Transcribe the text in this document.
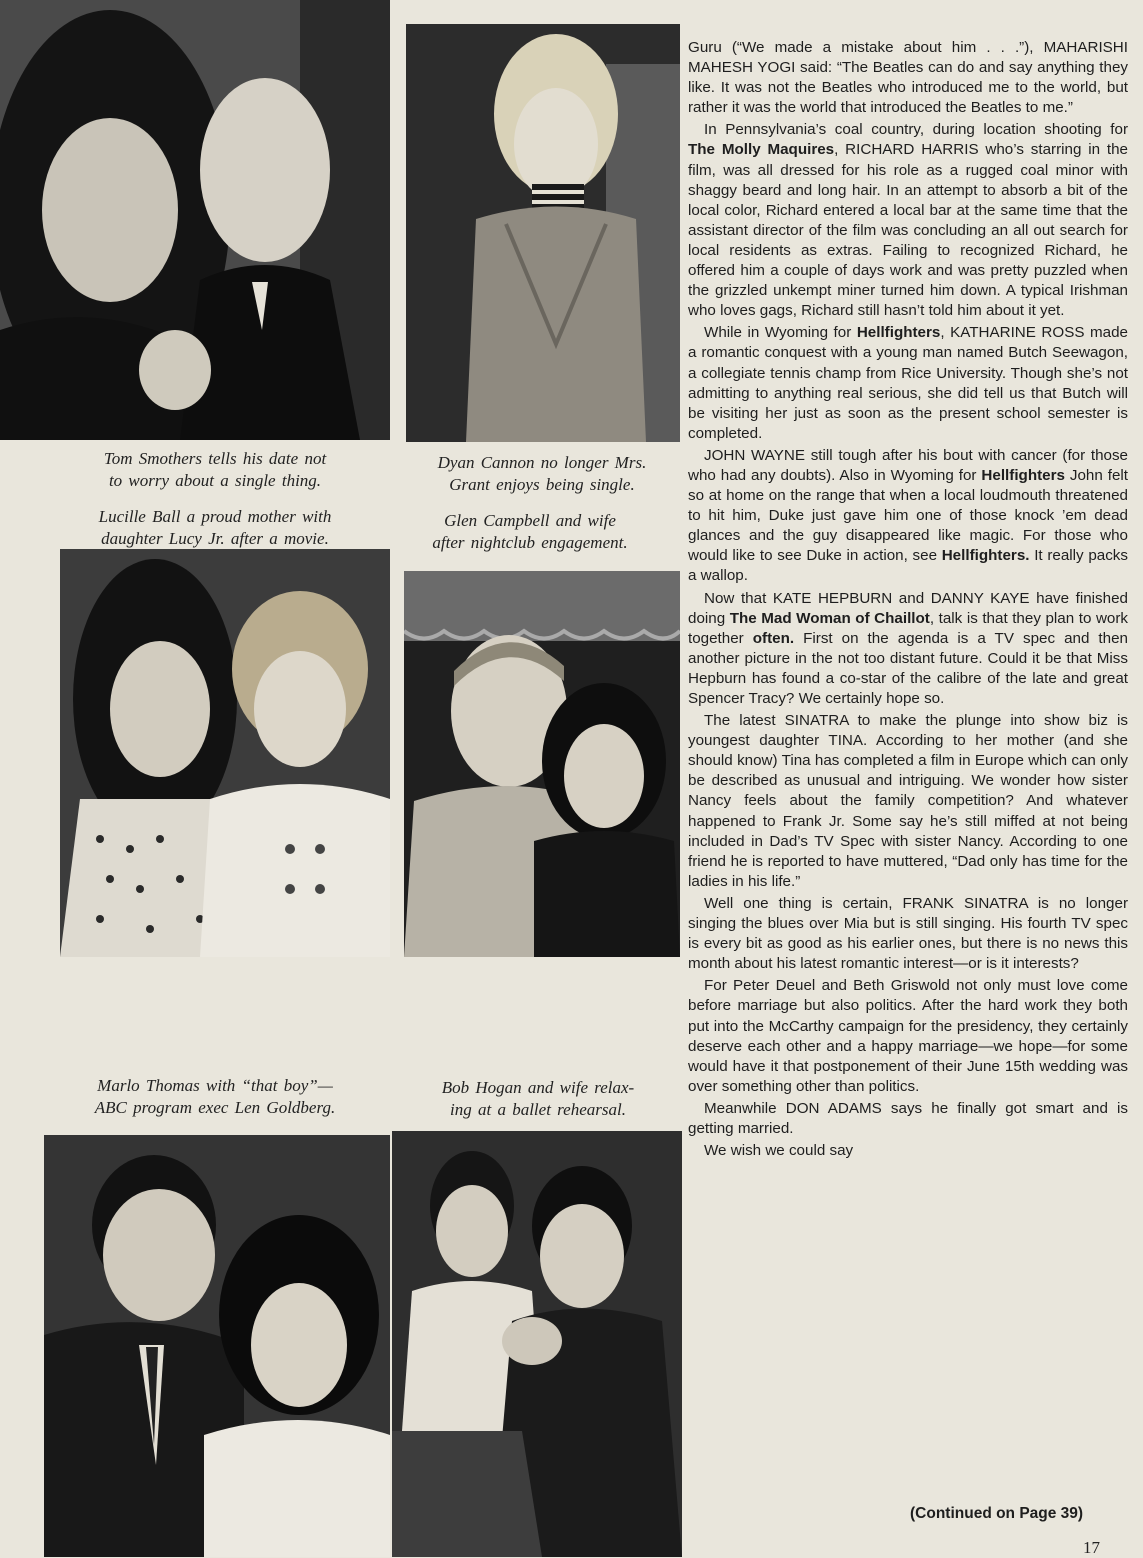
Tom Smothers tells his date not
to worry about a single thing.
Dyan Cannon no longer Mrs.
Grant enjoys being single.
Lucille Ball a proud mother with
daughter Lucy Jr. after a movie.
Glen Campbell and wife
after nightclub engagement.
Marlo Thomas with “that boy”—
ABC program exec Len Goldberg.
Bob Hogan and wife relax-
ing at a ballet rehearsal.

Guru (“We made a mistake about him . . .”), MAHARISHI MAHESH YOGI said: “The Beatles can do and say anything they like. It was not the Beatles who introduced me to the world, but rather it was the world that introduced the Beatles to me.”

In Pennsylvania’s coal country, during location shooting for The Molly Maquires, RICHARD HARRIS who’s starring in the film, was all dressed for his role as a rugged coal minor with shaggy beard and long hair. In an attempt to absorb a bit of the local color, Richard entered a local bar at the same time that the assistant director of the film was concluding an all out search for local residents as extras. Failing to recognized Richard, he offered him a couple of days work and was pretty puzzled when the grizzled unkempt miner turned him down. A typical Irishman who loves gags, Richard still hasn’t told him about it yet.

While in Wyoming for Hellfighters, KATHARINE ROSS made a romantic conquest with a young man named Butch Seewagon, a collegiate tennis champ from Rice University. Though she’s not admitting to anything real serious, she did tell us that Butch will be visiting her just as soon as the present school semester is completed.

JOHN WAYNE still tough after his bout with cancer (for those who had any doubts). Also in Wyoming for Hellfighters John felt so at home on the range that when a local loudmouth threatened to hit him, Duke just gave him one of those knock ’em dead glances and the guy disappeared like magic. For those who would like to see Duke in action, see Hellfighters. It really packs a wallop.

Now that KATE HEPBURN and DANNY KAYE have finished doing The Mad Woman of Chaillot, talk is that they plan to work together often. First on the agenda is a TV spec and then another picture in the not too distant future. Could it be that Miss Hepburn has found a co-star of the calibre of the late and great Spencer Tracy? We certainly hope so.

The latest SINATRA to make the plunge into show biz is youngest daughter TINA. According to her mother (and she should know) Tina has completed a film in Europe which can only be described as unusual and intriguing. We wonder how sister Nancy feels about the family competition? And whatever happened to Frank Jr. Some say he’s still miffed at not being included in Dad’s TV Spec with sister Nancy. According to one friend he is reported to have muttered, “Dad only has time for the ladies in his life.”

Well one thing is certain, FRANK SINATRA is no longer singing the blues over Mia but is still singing. His fourth TV spec is every bit as good as his earlier ones, but there is no news this month about his latest romantic interest—or is it interests?

For Peter Deuel and Beth Griswold not only must love come before marriage but also politics. After the hard work they both put into the McCarthy campaign for the presidency, they certainly deserve each other and a happy marriage—we hope—for some would have it that postponement of their June 15th wedding was over something other than politics.

Meanwhile DON ADAMS says he finally got smart and is getting married.

We wish we could say

(Continued on Page 39)
17
